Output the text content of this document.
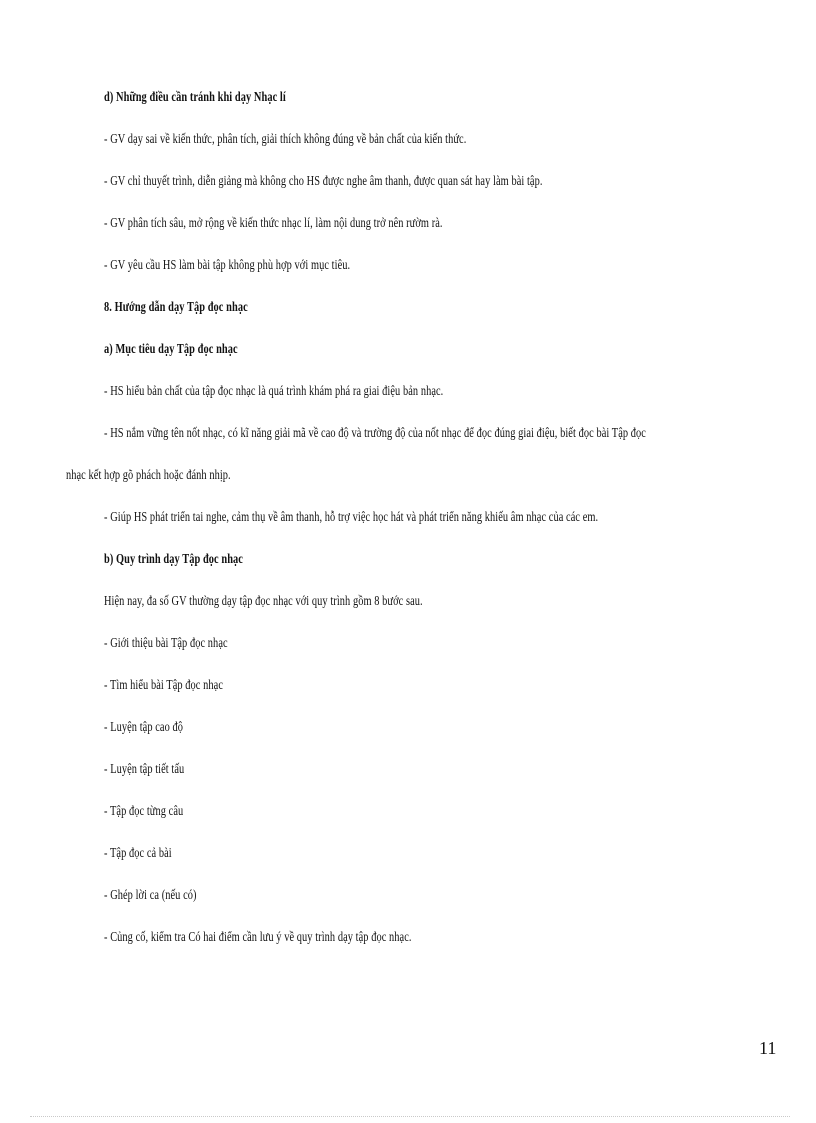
d) Những điều cần tránh khi dạy Nhạc lí

- GV dạy sai về kiến thức, phân tích, giải thích không đúng về bản chất của kiến thức.

- GV chỉ thuyết trình, diễn giảng mà không cho HS được nghe âm thanh, được quan sát hay làm bài tập.

- GV phân tích sâu, mở rộng về kiến thức nhạc lí, làm nội dung trở nên rườm rà.

- GV yêu cầu HS làm bài tập không phù hợp với mục tiêu.

8. Hướng dẫn dạy Tập đọc nhạc

a) Mục tiêu dạy Tập đọc nhạc

- HS hiểu bản chất của tập đọc nhạc là quá trình khám phá ra giai điệu bản nhạc.

- HS nắm vững tên nốt nhạc, có kĩ năng giải mã về cao độ và trường độ của nốt nhạc để đọc đúng giai điệu, biết đọc bài Tập đọc

nhạc kết hợp gõ phách hoặc đánh nhịp.

- Giúp HS phát triển tai nghe, cảm thụ về âm thanh, hỗ trợ việc học hát và phát triển năng khiếu âm nhạc của các em.

b) Quy trình dạy Tập đọc nhạc

Hiện nay, đa số GV thường dạy tập đọc nhạc với quy trình gồm 8 bước sau.

- Giới thiệu bài Tập đọc nhạc

- Tìm hiểu bài Tập đọc nhạc

- Luyện tập cao độ

- Luyện tập tiết tấu

- Tập đọc từng câu

- Tập đọc cả bài

- Ghép lời ca (nếu có)

- Củng cố, kiểm tra Có hai điểm cần lưu ý về quy trình dạy tập đọc nhạc.

11
